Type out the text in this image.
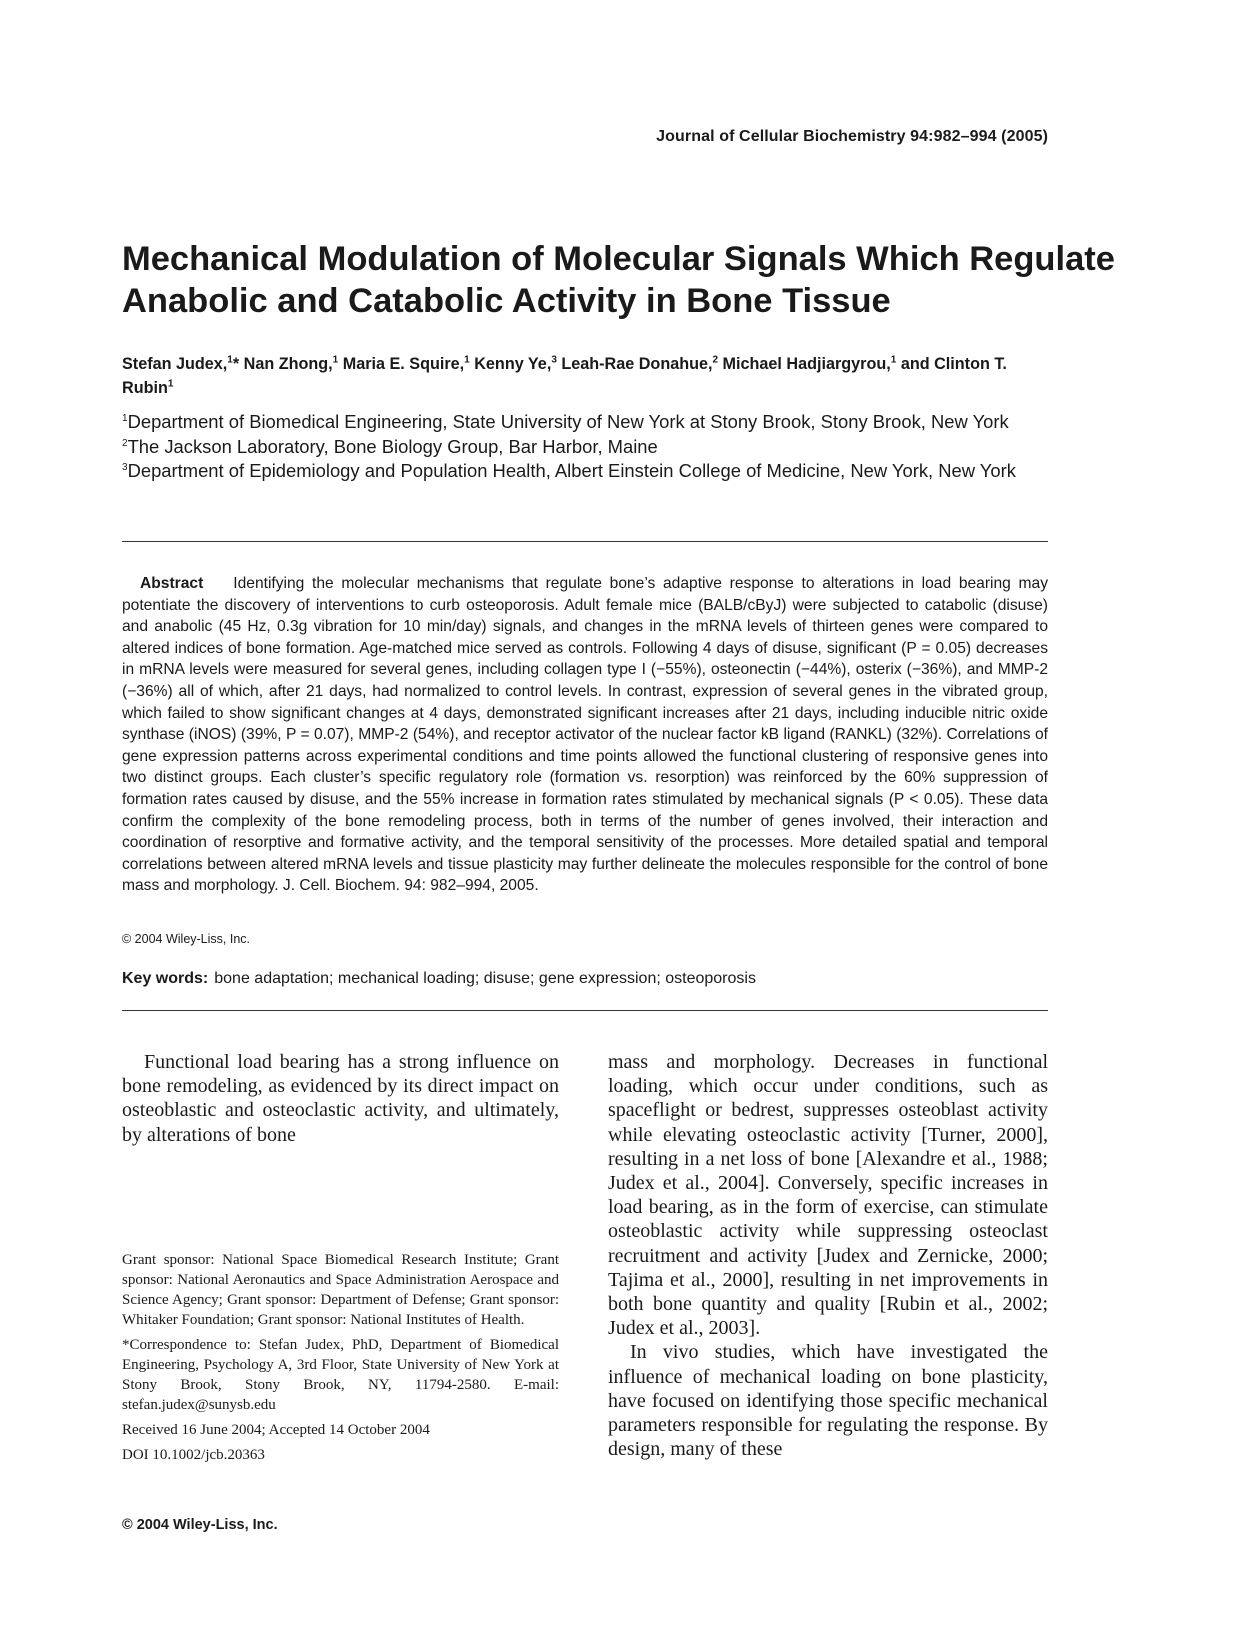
Journal of Cellular Biochemistry 94:982–994 (2005)
Mechanical Modulation of Molecular Signals Which Regulate Anabolic and Catabolic Activity in Bone Tissue
Stefan Judex,$^1$* Nan Zhong,$^1$ Maria E. Squire,$^1$ Kenny Ye,$^3$ Leah-Rae Donahue,$^2$ Michael Hadjiargyrou,$^1$ and Clinton T. Rubin$^1$

$^1$Department of Biomedical Engineering, State University of New York at Stony Brook, Stony Brook, New York

$^2$The Jackson Laboratory, Bone Biology Group, Bar Harbor, Maine

$^3$Department of Epidemiology and Population Health, Albert Einstein College of Medicine, New York, New York

Abstract Identifying the molecular mechanisms that regulate bone’s adaptive response to alterations in load bearing may potentiate the discovery of interventions to curb osteoporosis. Adult female mice (BALB/cByJ) were subjected to catabolic (disuse) and anabolic (45 Hz, 0.3g vibration for 10 min/day) signals, and changes in the mRNA levels of thirteen genes were compared to altered indices of bone formation. Age-matched mice served as controls. Following 4 days of disuse, significant (P = 0.05) decreases in mRNA levels were measured for several genes, including collagen type I (−55%), osteonectin (−44%), osterix (−36%), and MMP-2 (−36%) all of which, after 21 days, had normalized to control levels. In contrast, expression of several genes in the vibrated group, which failed to show significant changes at 4 days, demonstrated significant increases after 21 days, including inducible nitric oxide synthase (iNOS) (39%, P = 0.07), MMP-2 (54%), and receptor activator of the nuclear factor kB ligand (RANKL) (32%). Correlations of gene expression patterns across experimental conditions and time points allowed the functional clustering of responsive genes into two distinct groups. Each cluster’s specific regulatory role (formation vs. resorption) was reinforced by the 60% suppression of formation rates caused by disuse, and the 55% increase in formation rates stimulated by mechanical signals (P < 0.05). These data confirm the complexity of the bone remodeling process, both in terms of the number of genes involved, their interaction and coordination of resorptive and formative activity, and the temporal sensitivity of the processes. More detailed spatial and temporal correlations between altered mRNA levels and tissue plasticity may further delineate the molecules responsible for the control of bone mass and morphology. J. Cell. Biochem. 94: 982–994, 2005.
© 2004 Wiley-Liss, Inc.
Key words: bone adaptation; mechanical loading; disuse; gene expression; osteoporosis

Functional load bearing has a strong influence on bone remodeling, as evidenced by its direct impact on osteoblastic and osteoclastic activity, and ultimately, by alterations of bone

mass and morphology. Decreases in functional loading, which occur under conditions, such as spaceflight or bedrest, suppresses osteoblast activity while elevating osteoclastic activity [Turner, 2000], resulting in a net loss of bone [Alexandre et al., 1988; Judex et al., 2004]. Conversely, specific increases in load bearing, as in the form of exercise, can stimulate osteoblastic activity while suppressing osteoclast recruitment and activity [Judex and Zernicke, 2000; Tajima et al., 2000], resulting in net improvements in both bone quantity and quality [Rubin et al., 2002; Judex et al., 2003].

In vivo studies, which have investigated the influence of mechanical loading on bone plasticity, have focused on identifying those specific mechanical parameters responsible for regulating the response. By design, many of these

Grant sponsor: National Space Biomedical Research Institute; Grant sponsor: National Aeronautics and Space Administration Aerospace and Science Agency; Grant sponsor: Department of Defense; Grant sponsor: Whitaker Foundation; Grant sponsor: National Institutes of Health.

*Correspondence to: Stefan Judex, PhD, Department of Biomedical Engineering, Psychology A, 3rd Floor, State University of New York at Stony Brook, Stony Brook, NY, 11794-2580. E-mail: stefan.judex@sunysb.edu

Received 16 June 2004; Accepted 14 October 2004

DOI 10.1002/jcb.20363

© 2004 Wiley-Liss, Inc.
